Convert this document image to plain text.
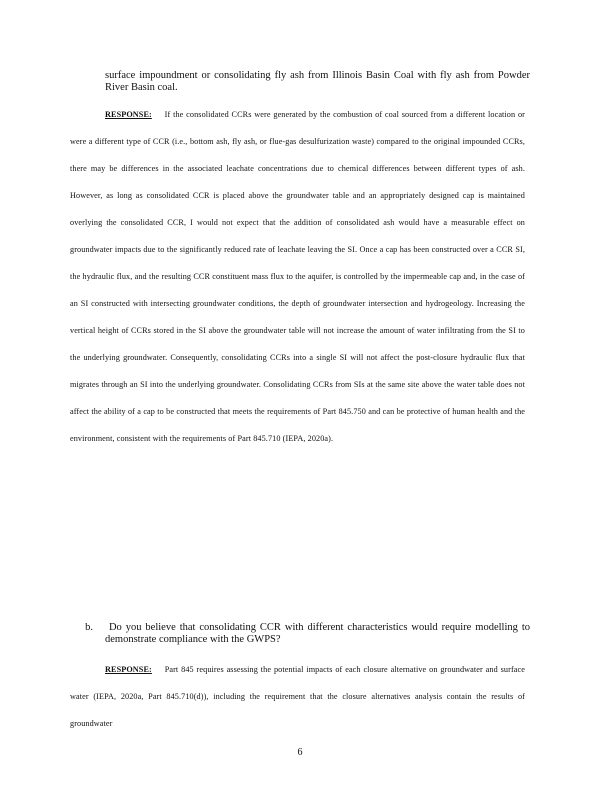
surface impoundment or consolidating fly ash from Illinois Basin Coal with fly ash from Powder River Basin coal.

RESPONSE: If the consolidated CCRs were generated by the combustion of coal sourced from a different location or were a different type of CCR (i.e., bottom ash, fly ash, or flue-gas desulfurization waste) compared to the original impounded CCRs, there may be differences in the associated leachate concentrations due to chemical differences between different types of ash. However, as long as consolidated CCR is placed above the groundwater table and an appropriately designed cap is maintained overlying the consolidated CCR, I would not expect that the addition of consolidated ash would have a measurable effect on groundwater impacts due to the significantly reduced rate of leachate leaving the SI. Once a cap has been constructed over a CCR SI, the hydraulic flux, and the resulting CCR constituent mass flux to the aquifer, is controlled by the impermeable cap and, in the case of an SI constructed with intersecting groundwater conditions, the depth of groundwater intersection and hydrogeology. Increasing the vertical height of CCRs stored in the SI above the groundwater table will not increase the amount of water infiltrating from the SI to the underlying groundwater. Consequently, consolidating CCRs into a single SI will not affect the post-closure hydraulic flux that migrates through an SI into the underlying groundwater. Consolidating CCRs from SIs at the same site above the water table does not affect the ability of a cap to be constructed that meets the requirements of Part 845.750 and can be protective of human health and the environment, consistent with the requirements of Part 845.710 (IEPA, 2020a).

b. Do you believe that consolidating CCR with different characteristics would require modelling to demonstrate compliance with the GWPS?

RESPONSE: Part 845 requires assessing the potential impacts of each closure alternative on groundwater and surface water (IEPA, 2020a, Part 845.710(d)), including the requirement that the closure alternatives analysis contain the results of groundwater

6
